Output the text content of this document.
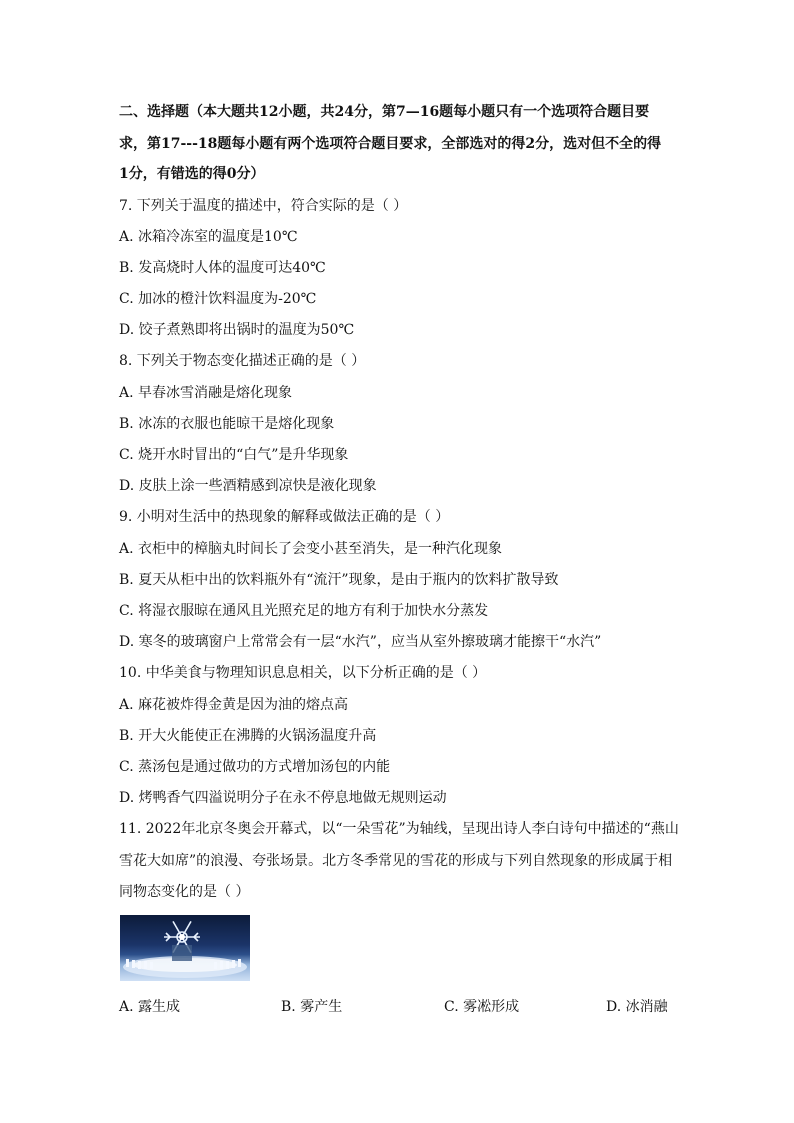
二、选择题（本大题共12小题，共24分，第7—16题每小题只有一个选项符合题目要
求，第17---18题每小题有两个选项符合题目要求，全部选对的得2分，选对但不全的得
1分，有错选的得0分）
7. 下列关于温度的描述中，符合实际的是（ ）
A. 冰箱冷冻室的温度是10℃
B. 发高烧时人体的温度可达40℃
C. 加冰的橙汁饮料温度为-20℃
D. 饺子煮熟即将出锅时的温度为50℃
8. 下列关于物态变化描述正确的是（ ）
A. 早春冰雪消融是熔化现象
B. 冰冻的衣服也能晾干是熔化现象
C. 烧开水时冒出的“白气”是升华现象
D. 皮肤上涂一些酒精感到凉快是液化现象
9. 小明对生活中的热现象的解释或做法正确的是（ ）
A. 衣柜中的樟脑丸时间长了会变小甚至消失，是一种汽化现象
B. 夏天从柜中出的饮料瓶外有“流汗”现象，是由于瓶内的饮料扩散导致
C. 将湿衣服晾在通风且光照充足的地方有利于加快水分蒸发
D. 寒冬的玻璃窗户上常常会有一层“水汽”，应当从室外擦玻璃才能擦干“水汽”
10. 中华美食与物理知识息息相关，以下分析正确的是（ ）
A. 麻花被炸得金黄是因为油的熔点高
B. 开大火能使正在沸腾的火锅汤温度升高
C. 蒸汤包是通过做功的方式增加汤包的内能
D. 烤鸭香气四溢说明分子在永不停息地做无规则运动
11. 2022年北京冬奥会开幕式，以“一朵雪花”为轴线，呈现出诗人李白诗句中描述的“燕山
雪花大如席”的浪漫、夸张场景。北方冬季常见的雪花的形成与下列自然现象的形成属于相
同物态变化的是（ ）
A. 露生成	B. 雾产生	C. 雾凇形成	D. 冰消融
